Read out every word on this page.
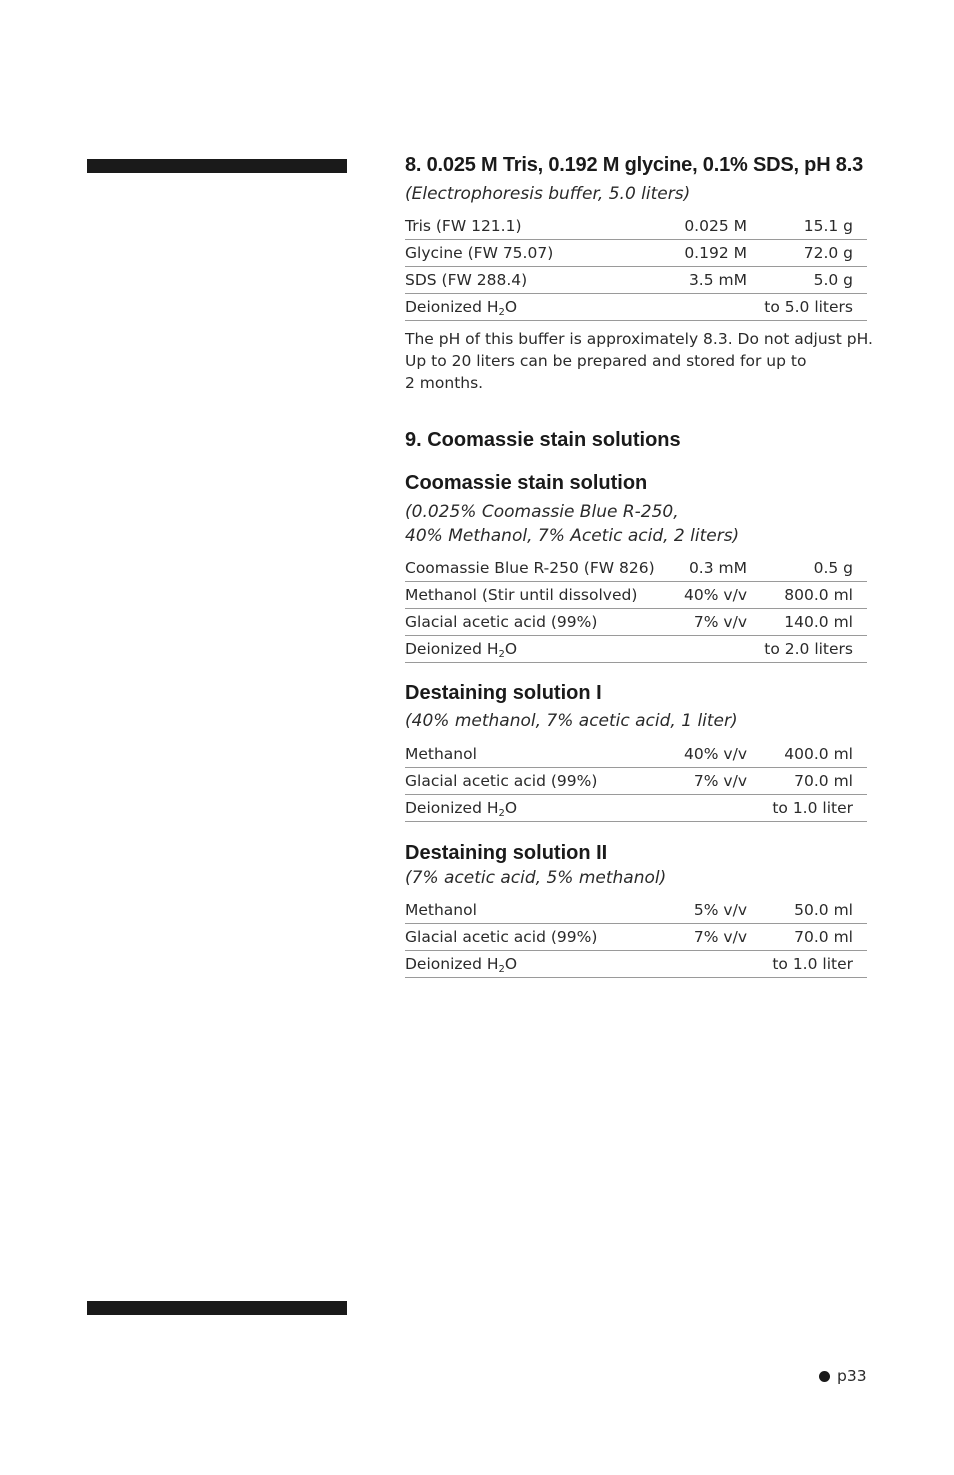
8. 0.025 M Tris, 0.192 M glycine, 0.1% SDS, pH 8.3
(Electrophoresis buffer, 5.0 liters)
Tris (FW 121.1)	0.025 M	15.1 g
Glycine (FW 75.07)	0.192 M	72.0 g
SDS (FW 288.4)	3.5 mM	5.0 g
Deionized $H_2O$		to 5.0 liters
The pH of this buffer is approximately 8.3. Do not adjust pH.
Up to 20 liters can be prepared and stored for up to
2 months.
9. Coomassie stain solutions
Coomassie stain solution
(0.025% Coomassie Blue R-250,
40% Methanol, 7% Acetic acid, 2 liters)
Coomassie Blue R-250 (FW 826)	0.3 mM	0.5 g
Methanol (Stir until dissolved)	40% v/v	800.0 ml
Glacial acetic acid (99%)	7% v/v	140.0 ml
Deionized $H_2O$		to 2.0 liters
Destaining solution I
(40% methanol, 7% acetic acid, 1 liter)
Methanol	40% v/v	400.0 ml
Glacial acetic acid (99%)	7% v/v	70.0 ml
Deionized $H_2O$		to 1.0 liter
Destaining solution II
(7% acetic acid, 5% methanol)
Methanol	5% v/v	50.0 ml
Glacial acetic acid (99%)	7% v/v	70.0 ml
Deionized $H_2O$		to 1.0 liter
p33
